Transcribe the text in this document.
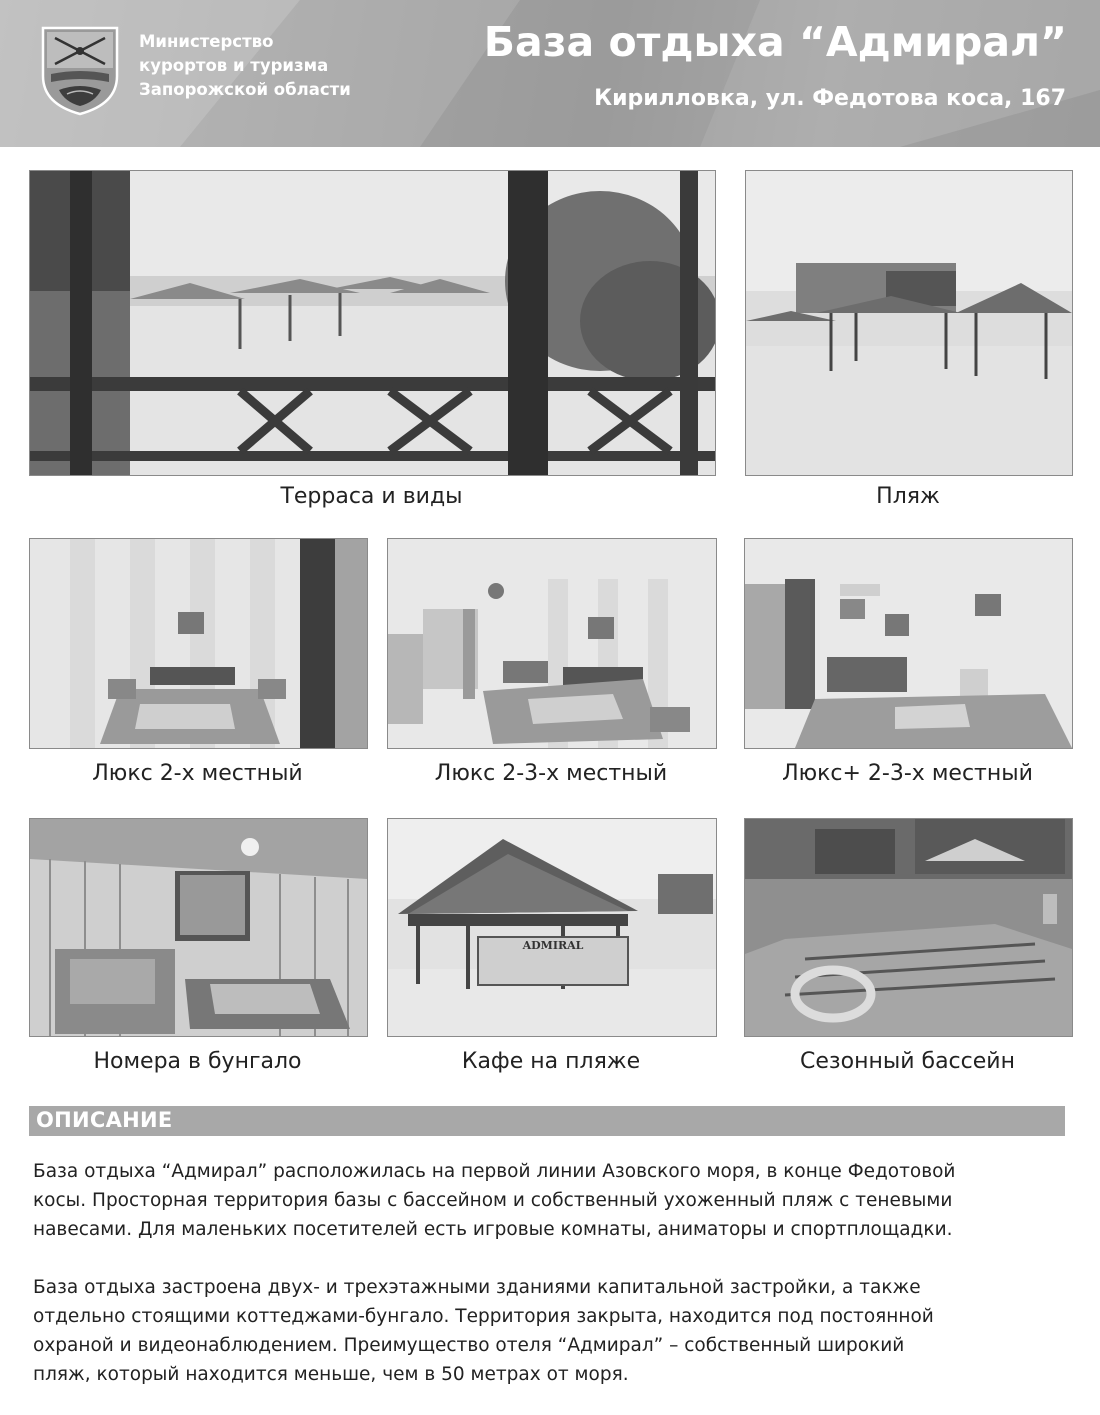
Министерство
курортов и туризма
Запорожской области
База отдыха “Адмирал”
Кирилловка, ул. Федотова коса, 167
Терраса и виды	Пляж
Люкс 2-х местный	Люкс 2-3-х местный	Люкс+ 2-3-х местный
Номера в бунгало
ADMIRAL
Кафе на пляже	Сезонный бассейн
ОПИСАНИЕ
База отдыха “Адмирал” расположилась на первой линии Азовского моря, в конце Федотовой
косы. Просторная территория базы с бассейном и собственный ухоженный пляж с теневыми
навесами. Для маленьких посетителей есть игровые комнаты, аниматоры и спортплощадки.
База отдыха застроена двух- и трехэтажными зданиями капитальной застройки, а также
отдельно стоящими коттеджами-бунгало. Территория закрыта, находится под постоянной
охраной и видеонаблюдением. Преимущество отеля “Адмирал” – собственный широкий
пляж, который находится меньше, чем в 50 метрах от моря.
